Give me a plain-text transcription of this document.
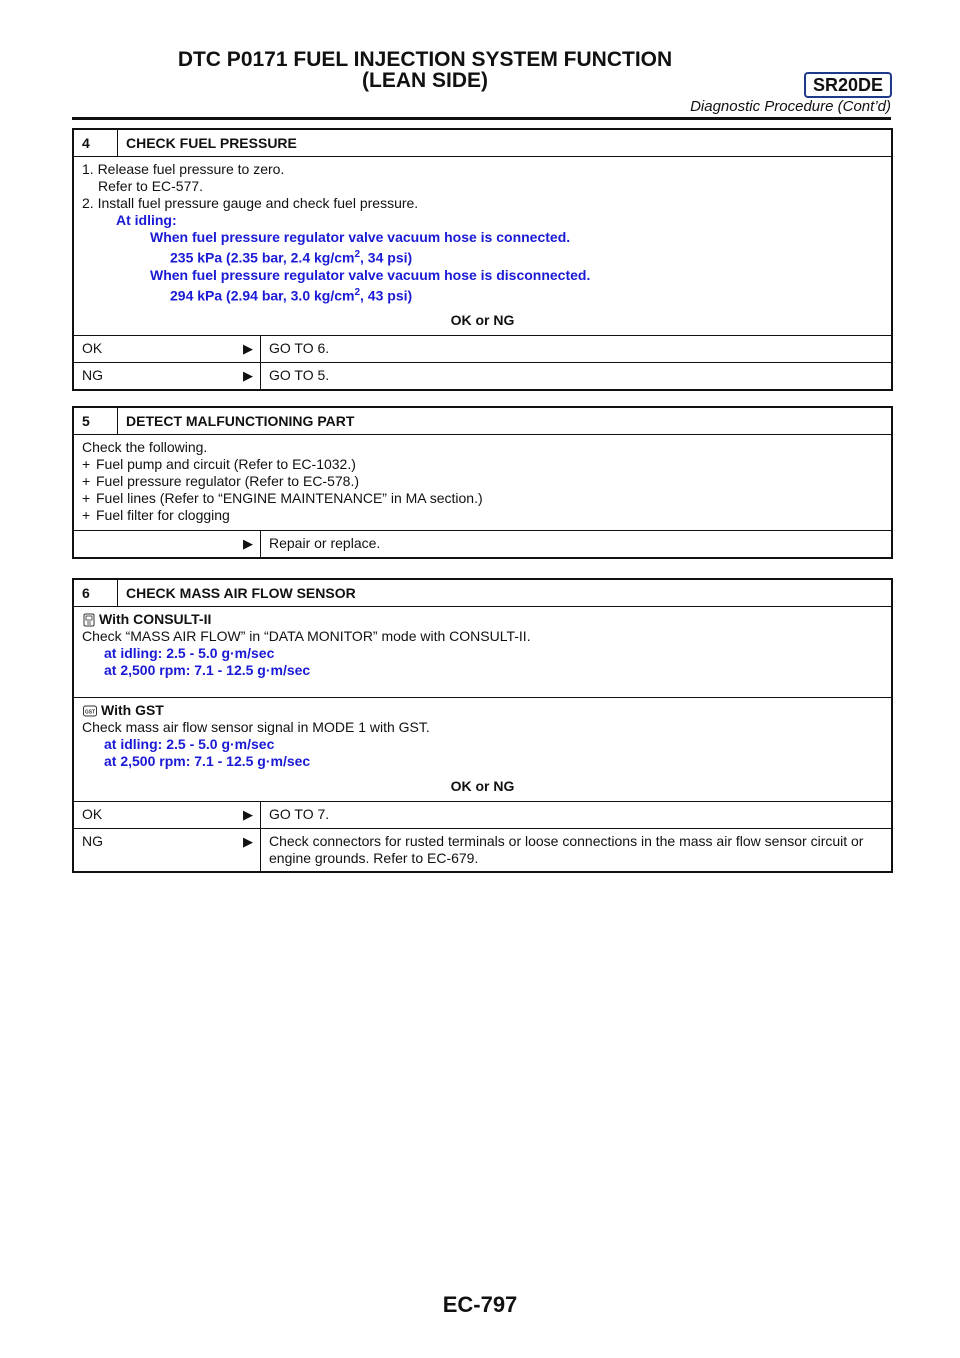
DTC P0171 FUEL INJECTION SYSTEM FUNCTION
(LEAN SIDE)	SR20DE
Diagnostic Procedure (Cont’d)
4	CHECK FUEL PRESSURE
1. Release fuel pressure to zero.
Refer to EC-577.
2. Install fuel pressure gauge and check fuel pressure.
At idling:
When fuel pressure regulator valve vacuum hose is connected.
235 kPa (2.35 bar, 2.4 $kg/cm^2$, 34 psi)
When fuel pressure regulator valve vacuum hose is disconnected.
294 kPa (2.94 bar, 3.0 $kg/cm^2$, 43 psi)
OK or NG
OK	▶	GO TO 6.
NG	▶	GO TO 5.
5	DETECT MALFUNCTIONING PART
Check the following.
+ Fuel pump and circuit (Refer to EC-1032.)
+ Fuel pressure regulator (Refer to EC-578.)
+ Fuel lines (Refer to “ENGINE MAINTENANCE” in MA section.)
+ Fuel filter for clogging
▶	Repair or replace.
6	CHECK MASS AIR FLOW SENSOR
With CONSULT-II
Check “MASS AIR FLOW” in “DATA MONITOR” mode with CONSULT-II.
at idling: 2.5 - 5.0 g·m/sec
at 2,500 rpm: 7.1 - 12.5 g·m/sec
GST With GST
Check mass air flow sensor signal in MODE 1 with GST.
at idling: 2.5 - 5.0 g·m/sec
at 2,500 rpm: 7.1 - 12.5 g·m/sec
OK or NG
OK	▶	GO TO 7.
NG	▶	Check connectors for rusted terminals or loose connections in the mass air flow sensor circuit or engine grounds. Refer to EC-679.
EC-797
